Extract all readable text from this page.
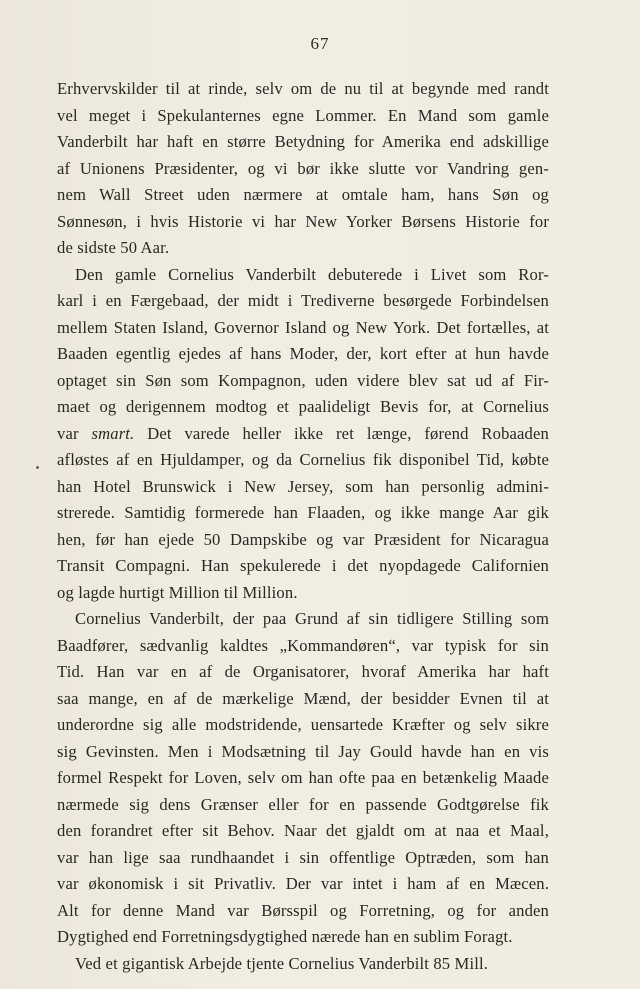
67
Erhvervskilder til at rinde, selv om de nu til at begynde med randt
vel meget i Spekulanternes egne Lommer. En Mand som gamle
Vanderbilt har haft en større Betydning for Amerika end adskillige
af Unionens Præsidenter, og vi bør ikke slutte vor Vandring gen-
nem Wall Street uden nærmere at omtale ham, hans Søn og
Sønnesøn, i hvis Historie vi har New Yorker Børsens Historie for
de sidste 50 Aar.
Den gamle Cornelius Vanderbilt debuterede i Livet som Ror-
karl i en Færgebaad, der midt i Trediverne besørgede Forbindelsen
mellem Staten Island, Governor Island og New York. Det fortælles, at
Baaden egentlig ejedes af hans Moder, der, kort efter at hun havde
optaget sin Søn som Kompagnon, uden videre blev sat ud af Fir-
maet og derigennem modtog et paalideligt Bevis for, at Cornelius
var smart. Det varede heller ikke ret længe, førend Robaaden
afløstes af en Hjuldamper, og da Cornelius fik disponibel Tid, købte
han Hotel Brunswick i New Jersey, som han personlig admini-
strerede. Samtidig formerede han Flaaden, og ikke mange Aar gik
hen, før han ejede 50 Dampskibe og var Præsident for Nicaragua
Transit Compagni. Han spekulerede i det nyopdagede Californien
og lagde hurtigt Million til Million.
Cornelius Vanderbilt, der paa Grund af sin tidligere Stilling som
Baadfører, sædvanlig kaldtes „Kommandøren“, var typisk for sin
Tid. Han var en af de Organisatorer, hvoraf Amerika har haft
saa mange, en af de mærkelige Mænd, der besidder Evnen til at
underordne sig alle modstridende, uensartede Kræfter og selv sikre
sig Gevinsten. Men i Modsætning til Jay Gould havde han en vis
formel Respekt for Loven, selv om han ofte paa en betænkelig Maade
nærmede sig dens Grænser eller for en passende Godtgørelse fik
den forandret efter sit Behov. Naar det gjaldt om at naa et Maal,
var han lige saa rundhaandet i sin offentlige Optræden, som han
var økonomisk i sit Privatliv. Der var intet i ham af en Mæcen.
Alt for denne Mand var Børsspil og Forretning, og for anden
Dygtighed end Forretningsdygtighed nærede han en sublim Foragt.
Ved et gigantisk Arbejde tjente Cornelius Vanderbilt 85 Mill.
